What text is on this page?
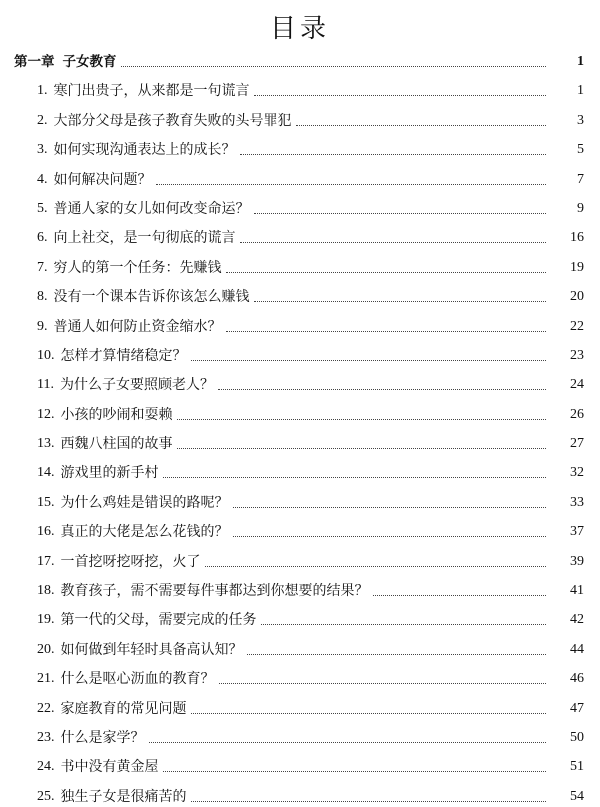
目录
第一章 子女教育	1
1. 寒门出贵子，从来都是一句谎言	1
2. 大部分父母是孩子教育失败的头号罪犯	3
3. 如何实现沟通表达上的成长？	5
4. 如何解决问题？	7
5. 普通人家的女儿如何改变命运？	9
6. 向上社交，是一句彻底的谎言	16
7. 穷人的第一个任务：先赚钱	19
8. 没有一个课本告诉你该怎么赚钱	20
9. 普通人如何防止资金缩水？	22
10. 怎样才算情绪稳定？	23
11. 为什么子女要照顾老人？	24
12. 小孩的吵闹和耍赖	26
13. 西魏八柱国的故事	27
14. 游戏里的新手村	32
15. 为什么鸡娃是错误的路呢？	33
16. 真正的大佬是怎么花钱的？	37
17. 一首挖呀挖呀挖，火了	39
18. 教育孩子，需不需要每件事都达到你想要的结果？	41
19. 第一代的父母，需要完成的任务	42
20. 如何做到年轻时具备高认知？	44
21. 什么是呕心沥血的教育？	46
22. 家庭教育的常见问题	47
23. 什么是家学？	50
24. 书中没有黄金屋	51
25. 独生子女是很痛苦的	54
